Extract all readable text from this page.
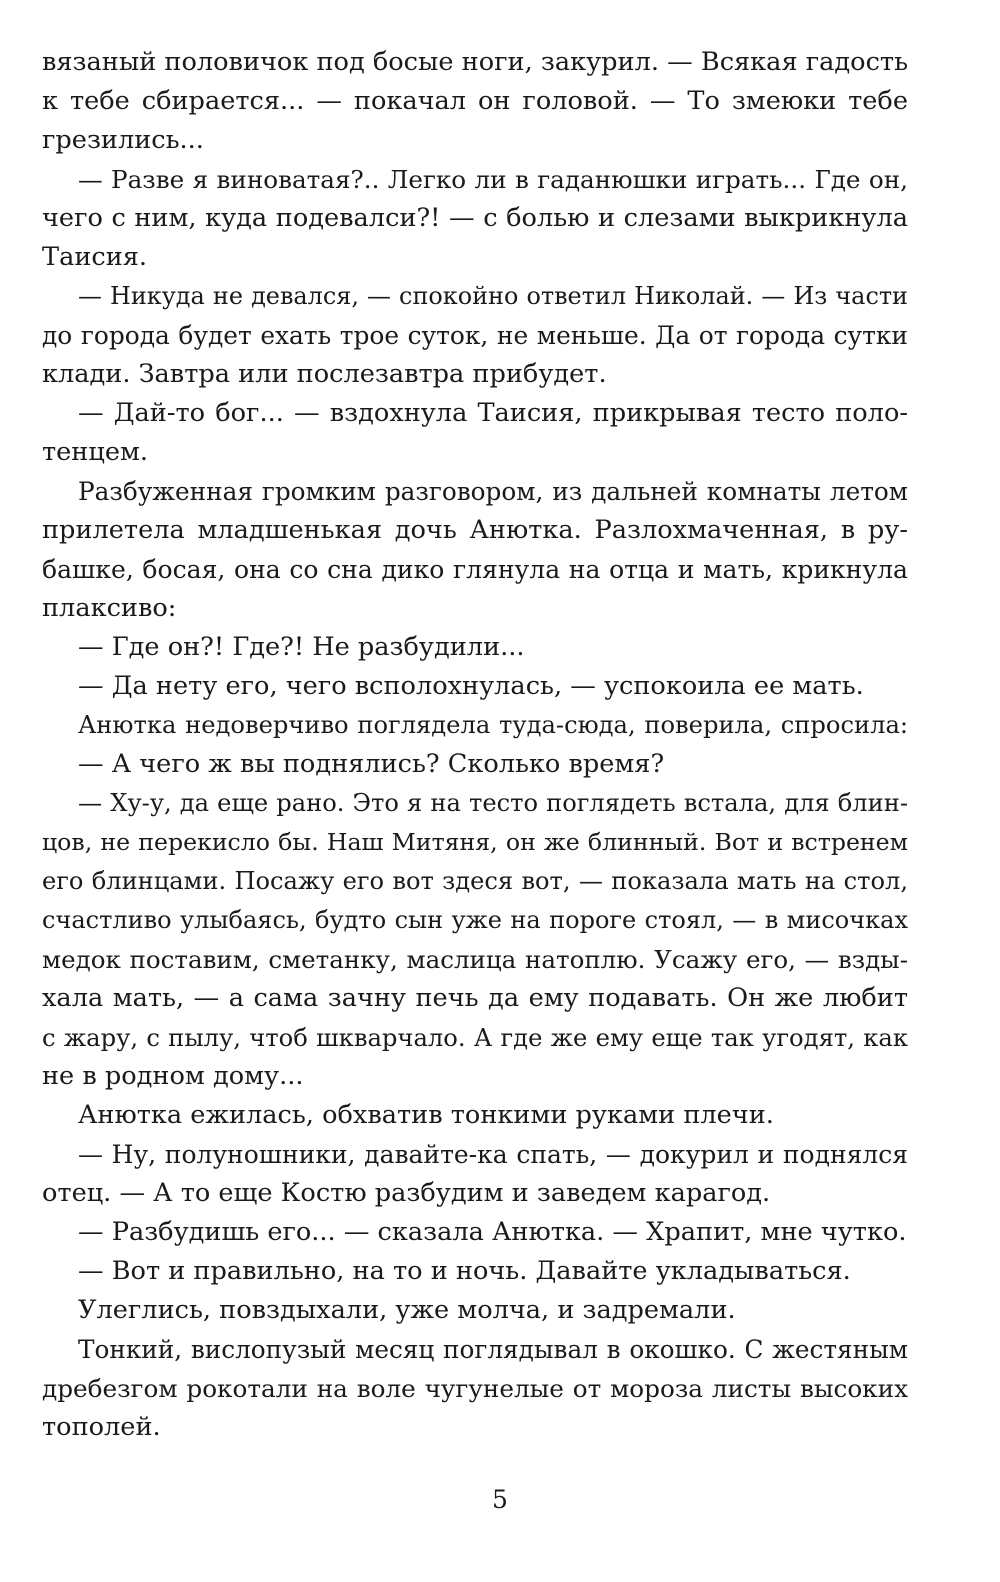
вязаный половичок под босые ноги, закурил. — Всякая гадость
к тебе сбирается... — покачал он головой. — То змеюки тебе
грезились...
— Разве я виноватая?.. Легко ли в гаданюшки играть... Где он,
чего с ним, куда подевалси?! — с болью и слезами выкрикнула
Таисия.
— Никуда не девался, — спокойно ответил Николай. — Из части
до города будет ехать трое суток, не меньше. Да от города сутки
клади. Завтра или послезавтра прибудет.
— Дай-то бог... — вздохнула Таисия, прикрывая тесто поло-
тенцем.
Разбуженная громким разговором, из дальней комнаты летом
прилетела младшенькая дочь Анютка. Разлохмаченная, в ру-
башке, босая, она со сна дико глянула на отца и мать, крикнула
плаксиво:
— Где он?! Где?! Не разбудили...
— Да нету его, чего всполохнулась, — успокоила ее мать.
Анютка недоверчиво поглядела туда-сюда, поверила, спросила:
— А чего ж вы поднялись? Сколько время?
— Ху-у, да еще рано. Это я на тесто поглядеть встала, для блин-
цов, не перекисло бы. Наш Митяня, он же блинный. Вот и встренем
его блинцами. Посажу его вот здеся вот, — показала мать на стол,
счастливо улыбаясь, будто сын уже на пороге стоял, — в мисочках
медок поставим, сметанку, маслица натоплю. Усажу его, — взды-
хала мать, — а сама зачну печь да ему подавать. Он же любит
с жару, с пылу, чтоб шкварчало. А где же ему еще так угодят, как
не в родном дому...
Анютка ежилась, обхватив тонкими руками плечи.
— Ну, полуношники, давайте-ка спать, — докурил и поднялся
отец. — А то еще Костю разбудим и заведем карагод.
— Разбудишь его... — сказала Анютка. — Храпит, мне чутко.
— Вот и правильно, на то и ночь. Давайте укладываться.
Улеглись, повздыхали, уже молча, и задремали.
Тонкий, вислопузый месяц поглядывал в окошко. С жестяным
дребезгом рокотали на воле чугунелые от мороза листы высоких
тополей.
5
